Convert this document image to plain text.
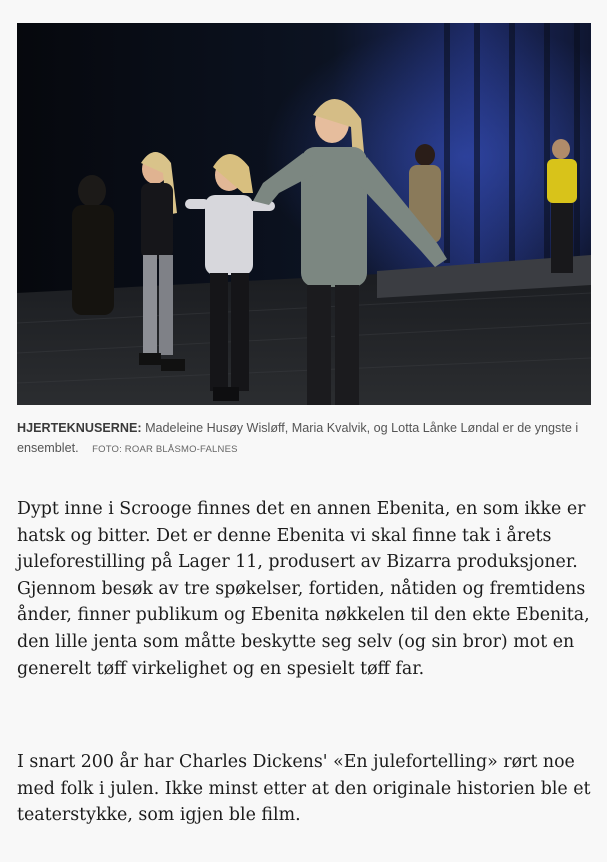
HJERTEKNUSERNE: Madeleine Husøy Wisløff, Maria Kvalvik, og Lotta Lånke Løndal er de yngste i ensemblet. FOTO: ROAR BLÅSMO-FALNES

Dypt inne i Scrooge finnes det en annen Ebenita, en som ikke er hatsk og bitter. Det er denne Ebenita vi skal finne tak i årets juleforestilling på Lager 11, produsert av Bizarra produksjoner. Gjennom besøk av tre spøkelser, fortiden, nåtiden og fremtidens ånder, finner publikum og Ebenita nøkkelen til den ekte Ebenita, den lille jenta som måtte beskytte seg selv (og sin bror) mot en generelt tøff virkelighet og en spesielt tøff far.

I snart 200 år har Charles Dickens' «En julefortelling» rørt noe med folk i julen. Ikke minst etter at den originale historien ble et teaterstykke, som igjen ble film.
